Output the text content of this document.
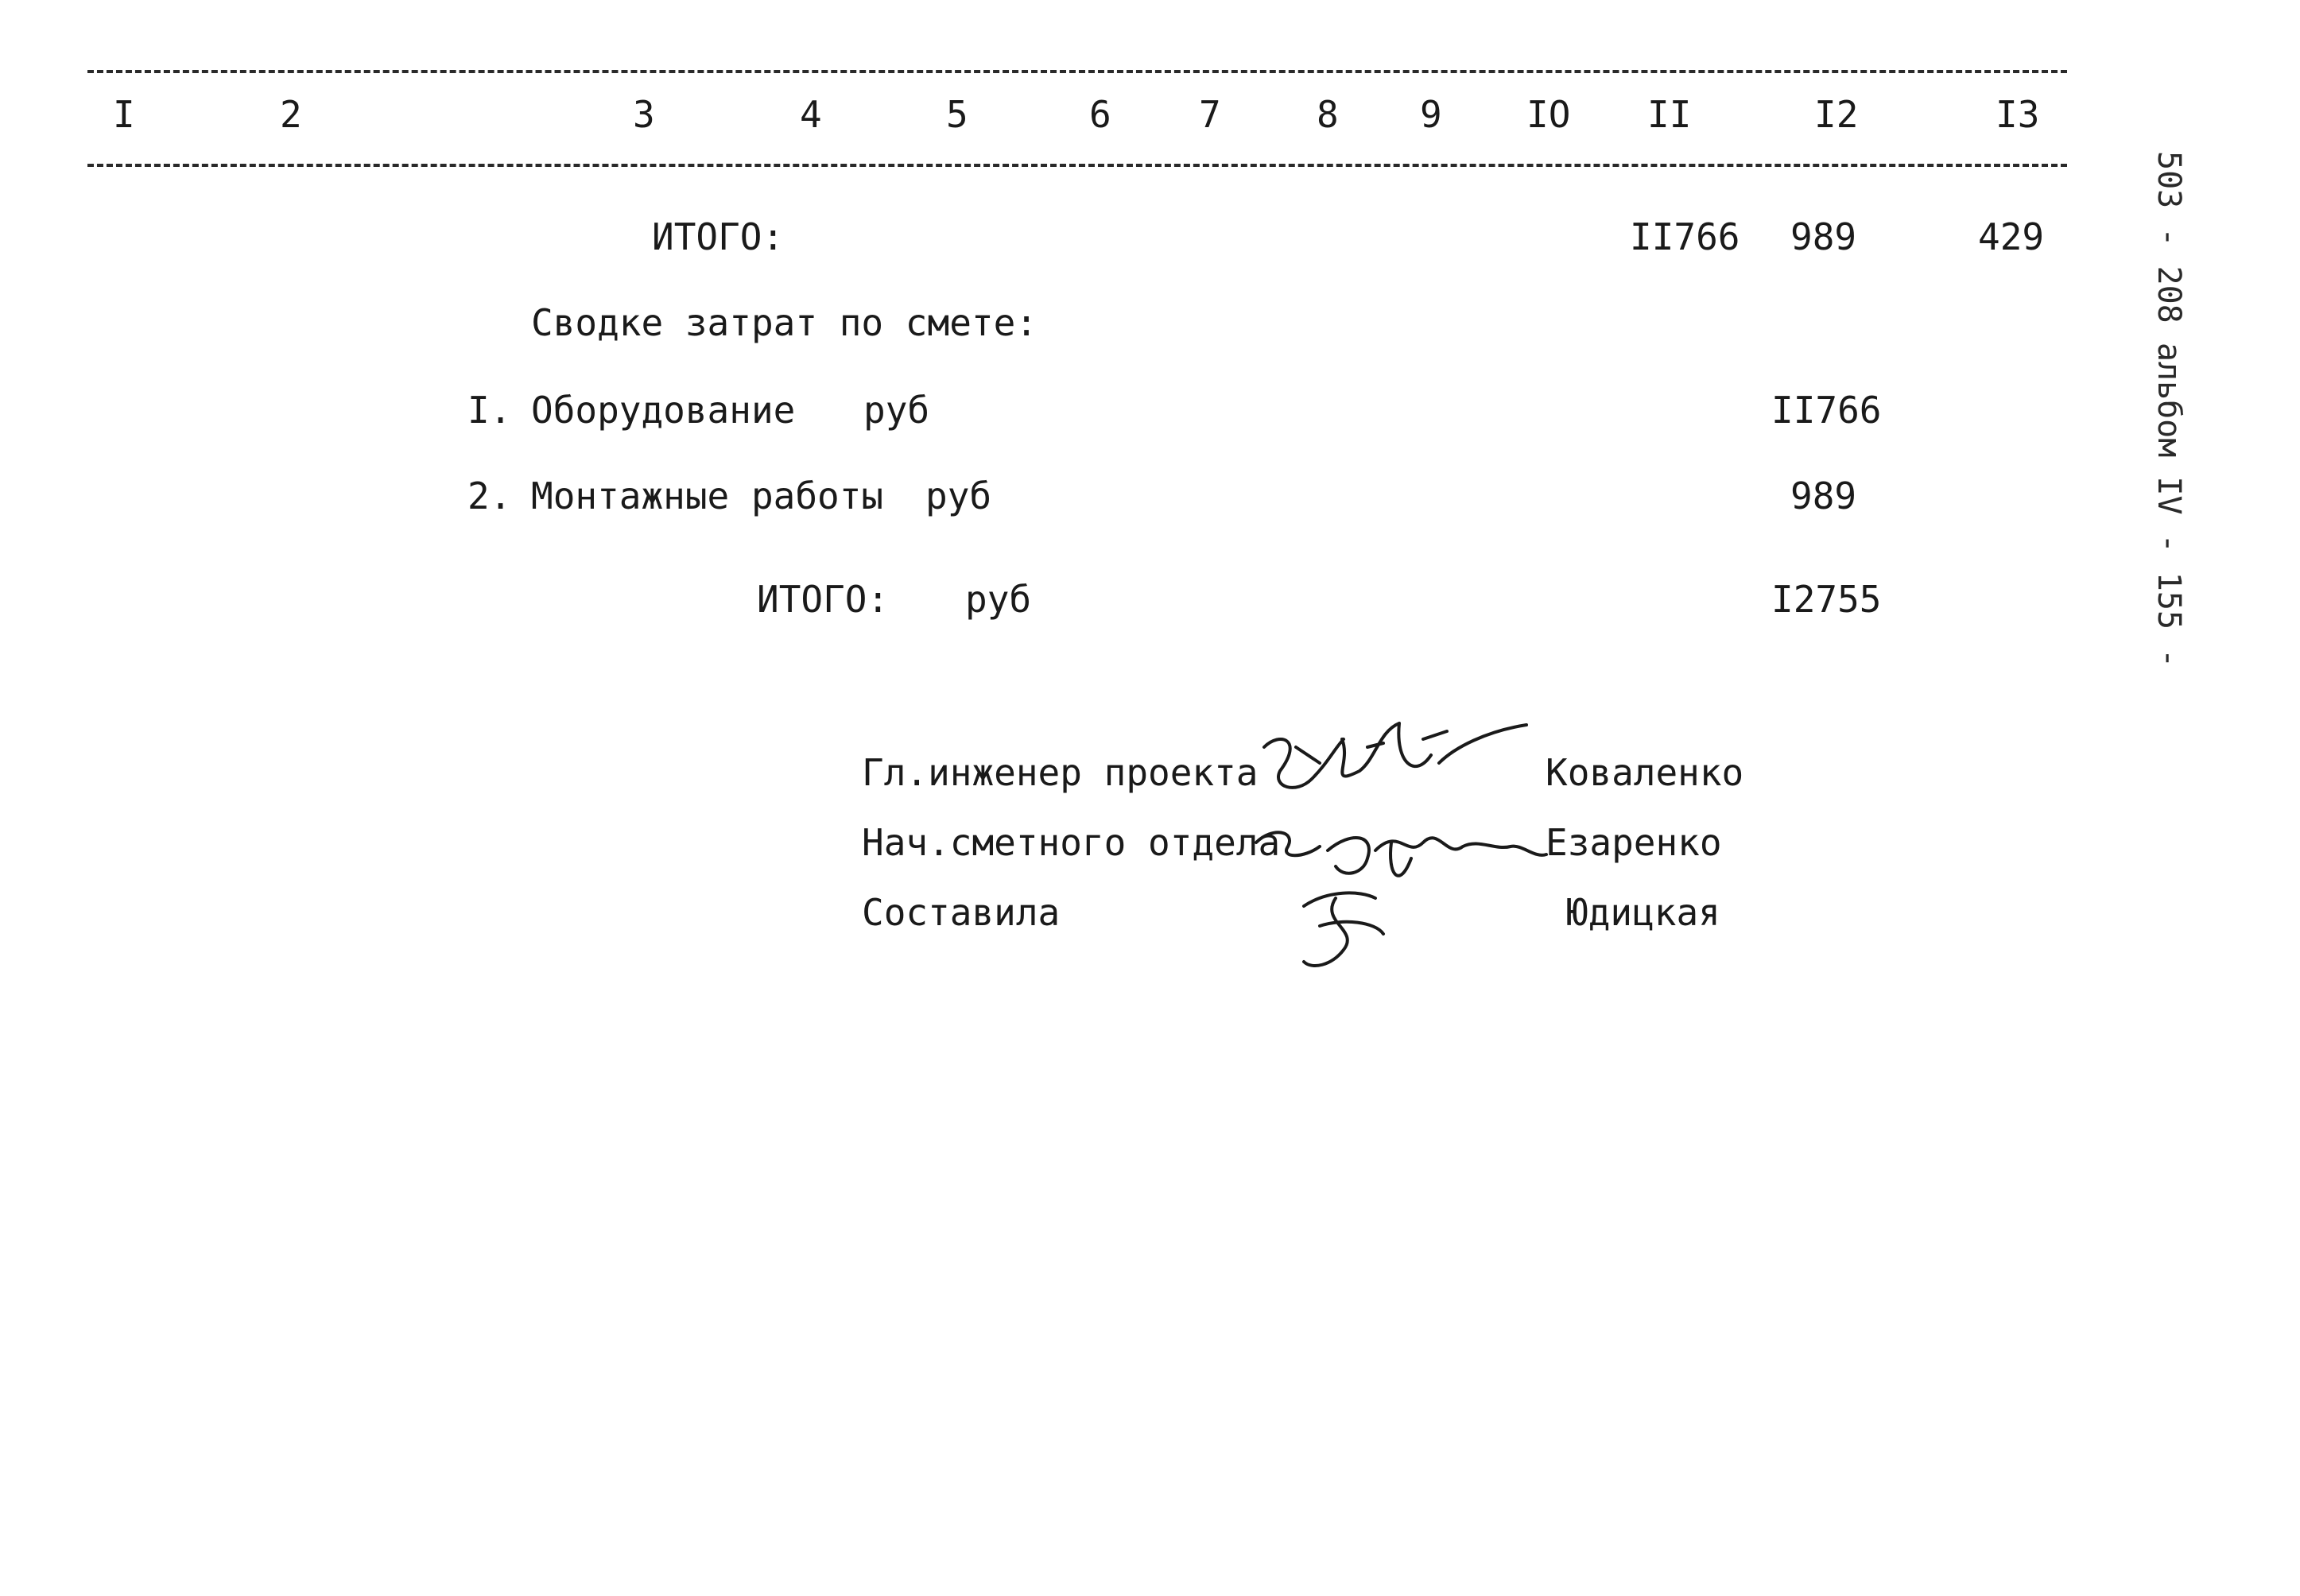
I	2	3	4	5	6 7	8 9 IO II	I2	I3
ИТОГО:	II766 989	429
Сводке затрат по смете:
I. Оборудование руб	II766
2. Монтажные работы руб	989
ИТОГО: руб	I2755
Гл.инженер проекта	Коваленко
Нач.сметного отдела	Езаренко
Составила	Юдицкая
503 - 208 альбом IV - 155 -
